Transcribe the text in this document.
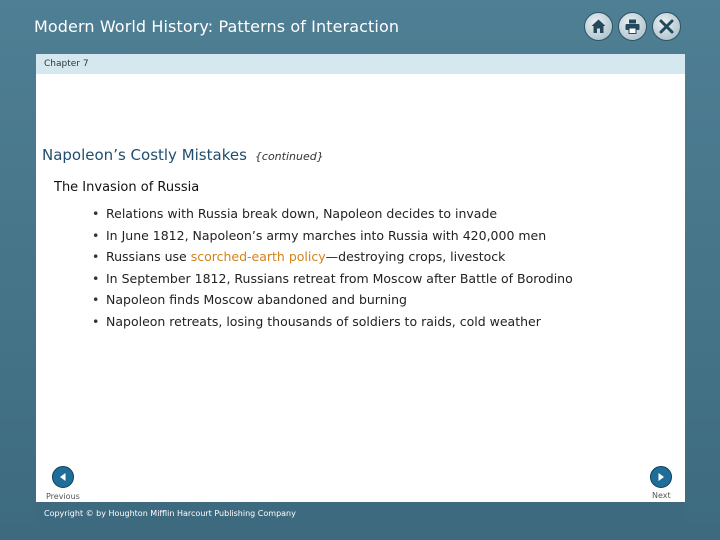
Modern World History: Patterns of Interaction
Chapter 7
Napoleon’s Costly Mistakes {continued}
The Invasion of Russia
• Relations with Russia break down, Napoleon decides to invade
• In June 1812, Napoleon’s army marches into Russia with 420,000 men
• Russians use scorched-earth policy—destroying crops, livestock
• In September 1812, Russians retreat from Moscow after Battle of Borodino
• Napoleon finds Moscow abandoned and burning
• Napoleon retreats, losing thousands of soldiers to raids, cold weather
Previous	Next
Copyright © by Houghton Mifflin Harcourt Publishing Company
